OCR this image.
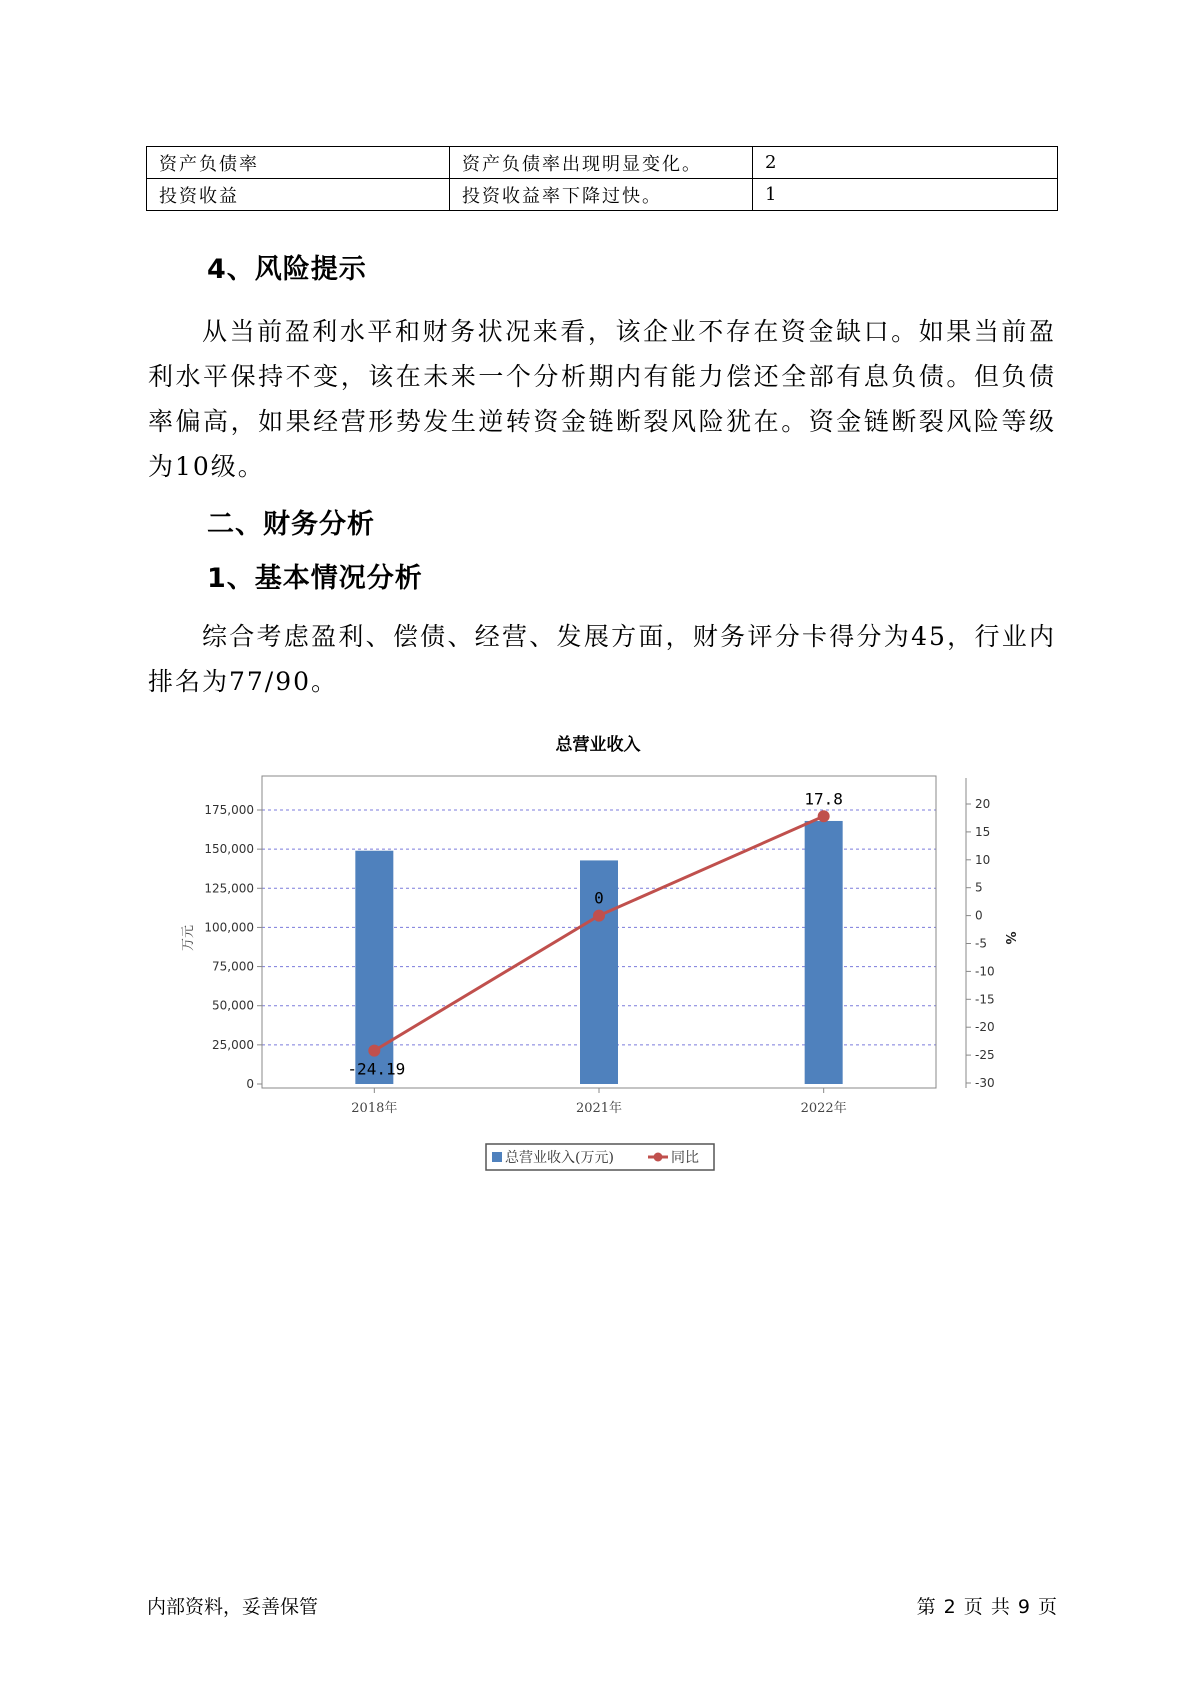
资产负债率	资产负债率出现明显变化。	2
投资收益	投资收益率下降过快。	1
4、风险提示

从当前盈利水平和财务状况来看，该企业不存在资金缺口。如果当前盈利水平保持不变，该在未来一个分析期内有能力偿还全部有息负债。但负债率偏高，如果经营形势发生逆转资金链断裂风险犹在。资金链断裂风险等级为10级。

二、财务分析
1、基本情况分析

综合考虑盈利、偿债、经营、发展方面，财务评分卡得分为45，行业内排名为77/90。

总营业收入
-24.19
0
17.8
0
25,000
50,000
75,000
100,000
125,000
150,000
175,000
万元
-30
-25
-20
-15
-10
-5
0
5
10
15
20
%
2018年	2021年	2022年
总营业收入(万元)	同比
内部资料，妥善保管	第 2 页 共 9 页
